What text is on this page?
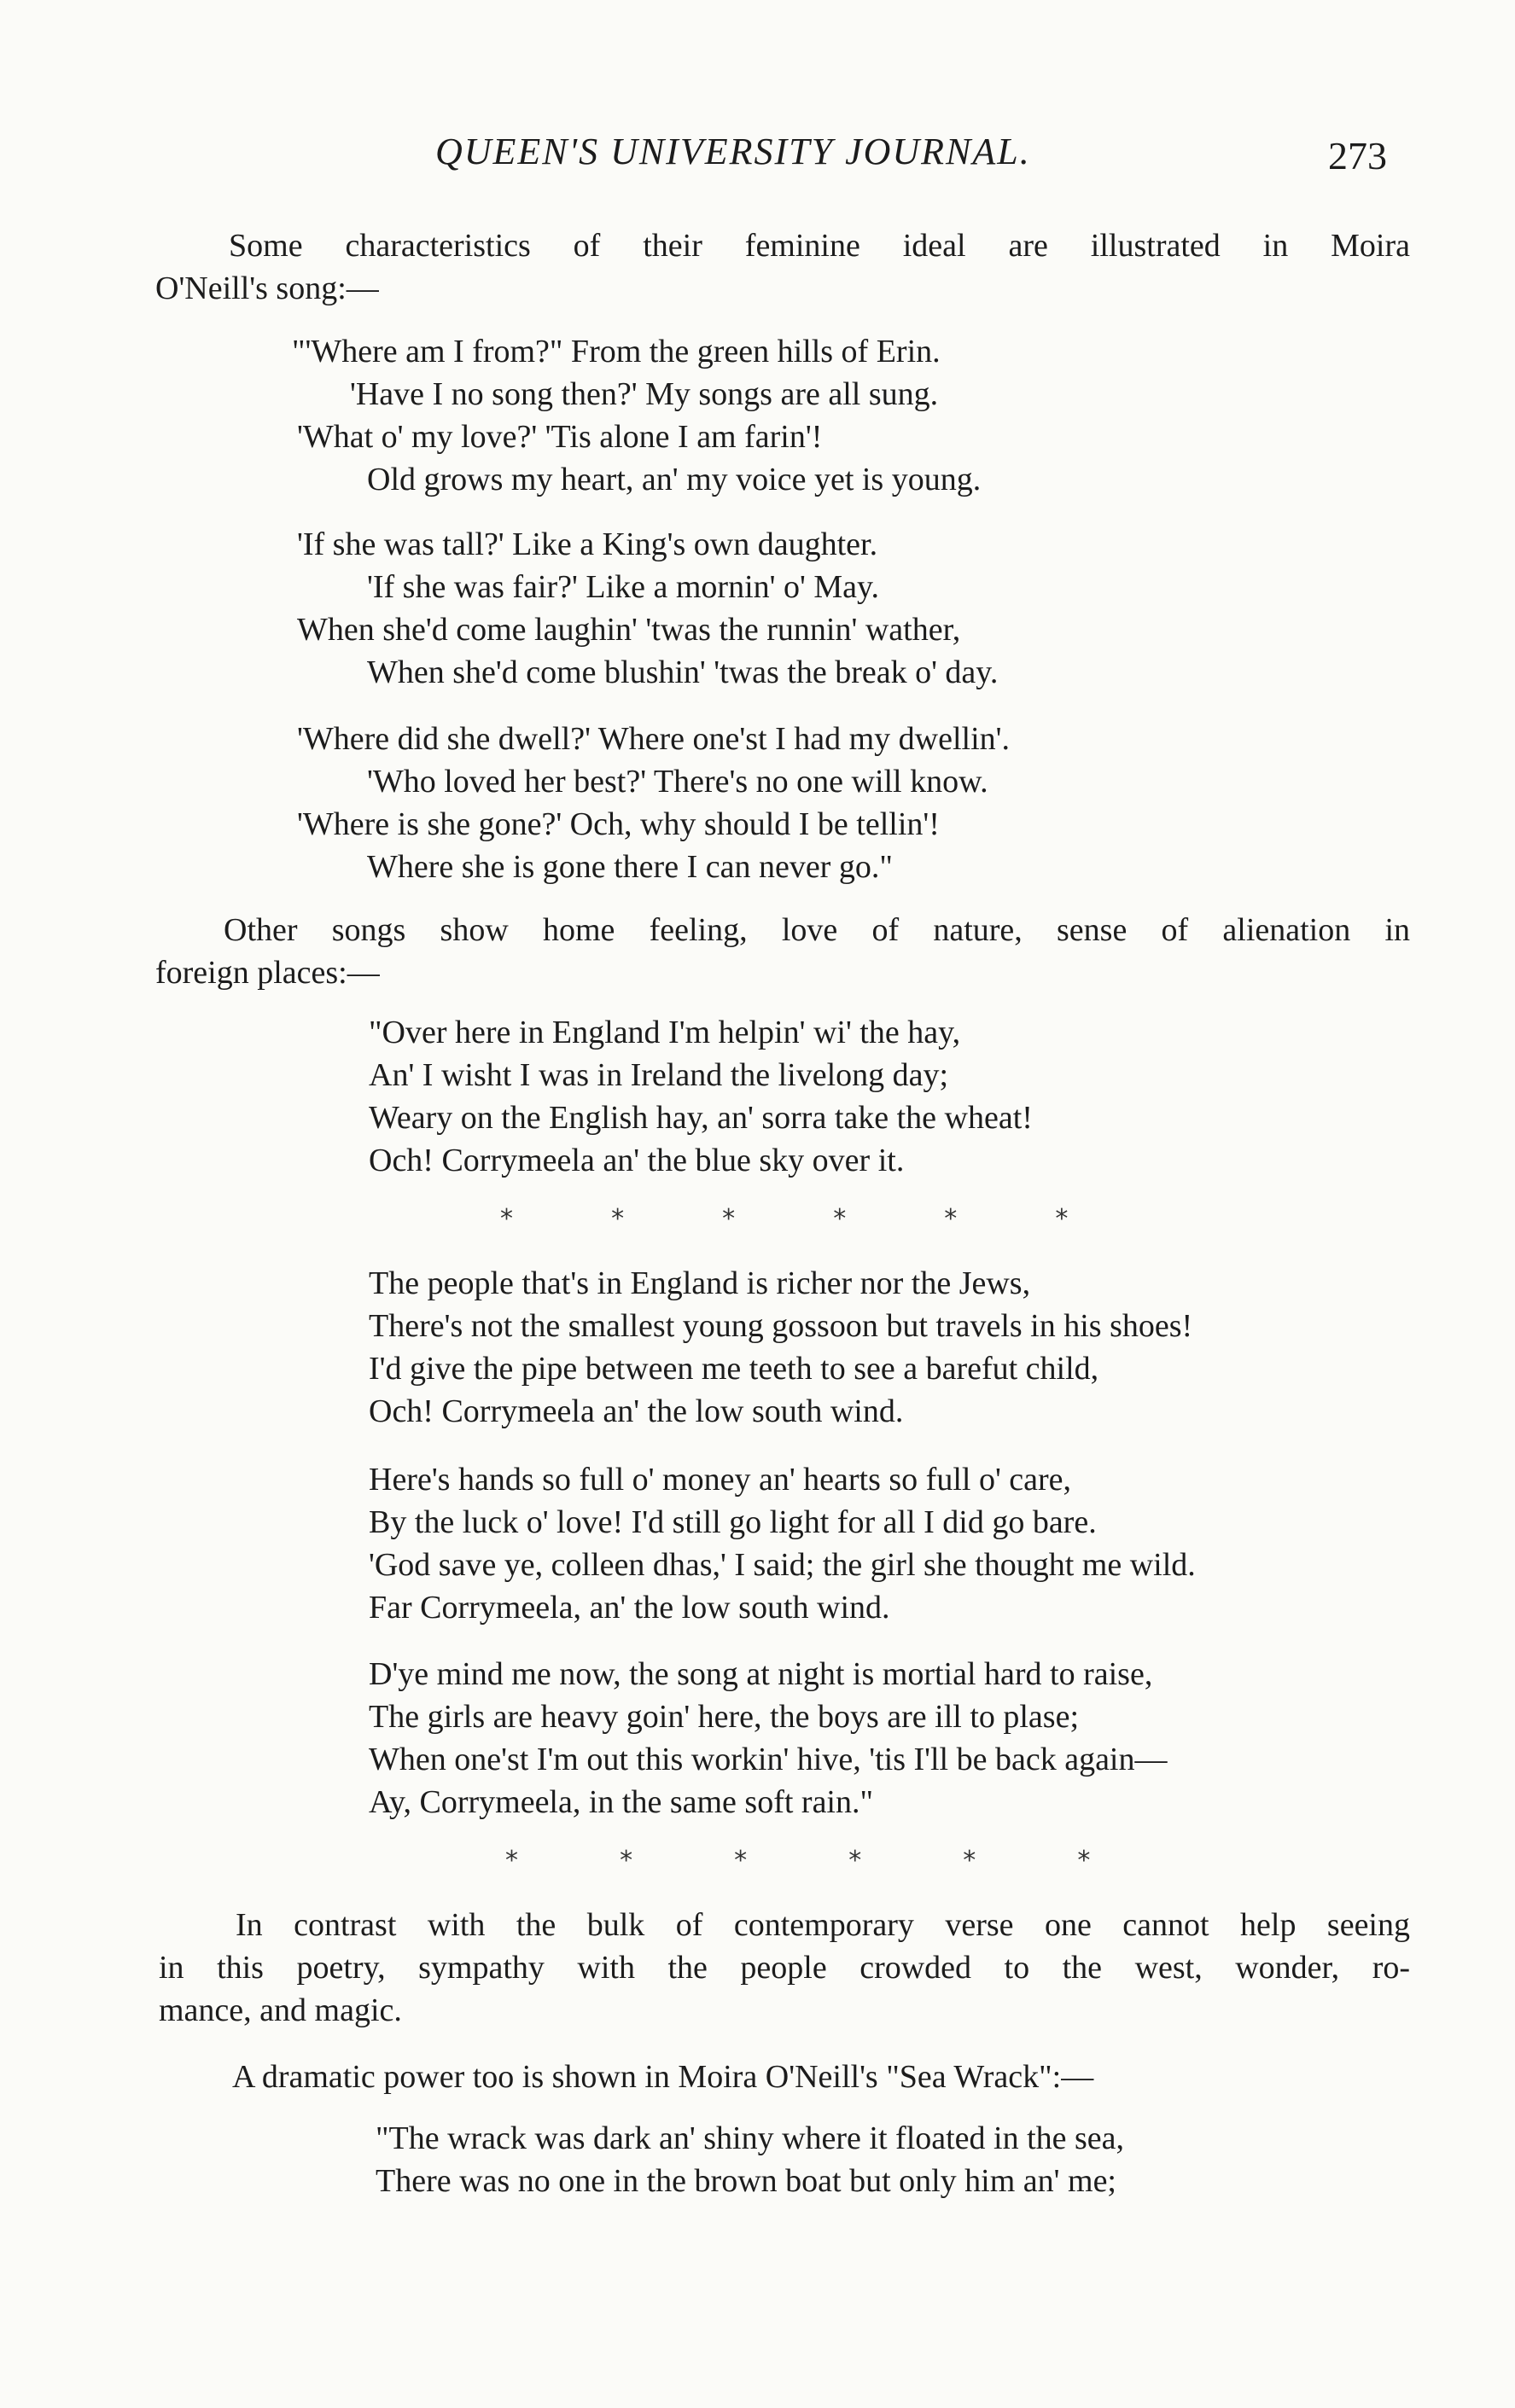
QUEEN'S UNIVERSITY JOURNAL.	273
Some characteristics of their feminine ideal are illustrated in Moira
O'Neill's song:—
"'Where am I from?" From the green hills of Erin.
'Have I no song then?' My songs are all sung.
'What o' my love?' 'Tis alone I am farin'!
Old grows my heart, an' my voice yet is young.
'If she was tall?' Like a King's own daughter.
'If she was fair?' Like a mornin' o' May.
When she'd come laughin' 'twas the runnin' wather,
When she'd come blushin' 'twas the break o' day.
'Where did she dwell?' Where one'st I had my dwellin'.
'Who loved her best?' There's no one will know.
'Where is she gone?' Och, why should I be tellin'!
Where she is gone there I can never go."
Other songs show home feeling, love of nature, sense of alienation in
foreign places:—
"Over here in England I'm helpin' wi' the hay,
An' I wisht I was in Ireland the livelong day;
Weary on the English hay, an' sorra take the wheat!
Och! Corrymeela an' the blue sky over it.
*  *  *  *  *  *
The people that's in England is richer nor the Jews,
There's not the smallest young gossoon but travels in his shoes!
I'd give the pipe between me teeth to see a barefut child,
Och! Corrymeela an' the low south wind.
Here's hands so full o' money an' hearts so full o' care,
By the luck o' love! I'd still go light for all I did go bare.
'God save ye, colleen dhas,' I said; the girl she thought me wild.
Far Corrymeela, an' the low south wind.
D'ye mind me now, the song at night is mortial hard to raise,
The girls are heavy goin' here, the boys are ill to plase;
When one'st I'm out this workin' hive, 'tis I'll be back again—
Ay, Corrymeela, in the same soft rain."
*  *  *  *  *  *
In contrast with the bulk of contemporary verse one cannot help seeing
in this poetry, sympathy with the people crowded to the west, wonder, ro-
mance, and magic.
A dramatic power too is shown in Moira O'Neill's "Sea Wrack":—
"The wrack was dark an' shiny where it floated in the sea,
There was no one in the brown boat but only him an' me;
